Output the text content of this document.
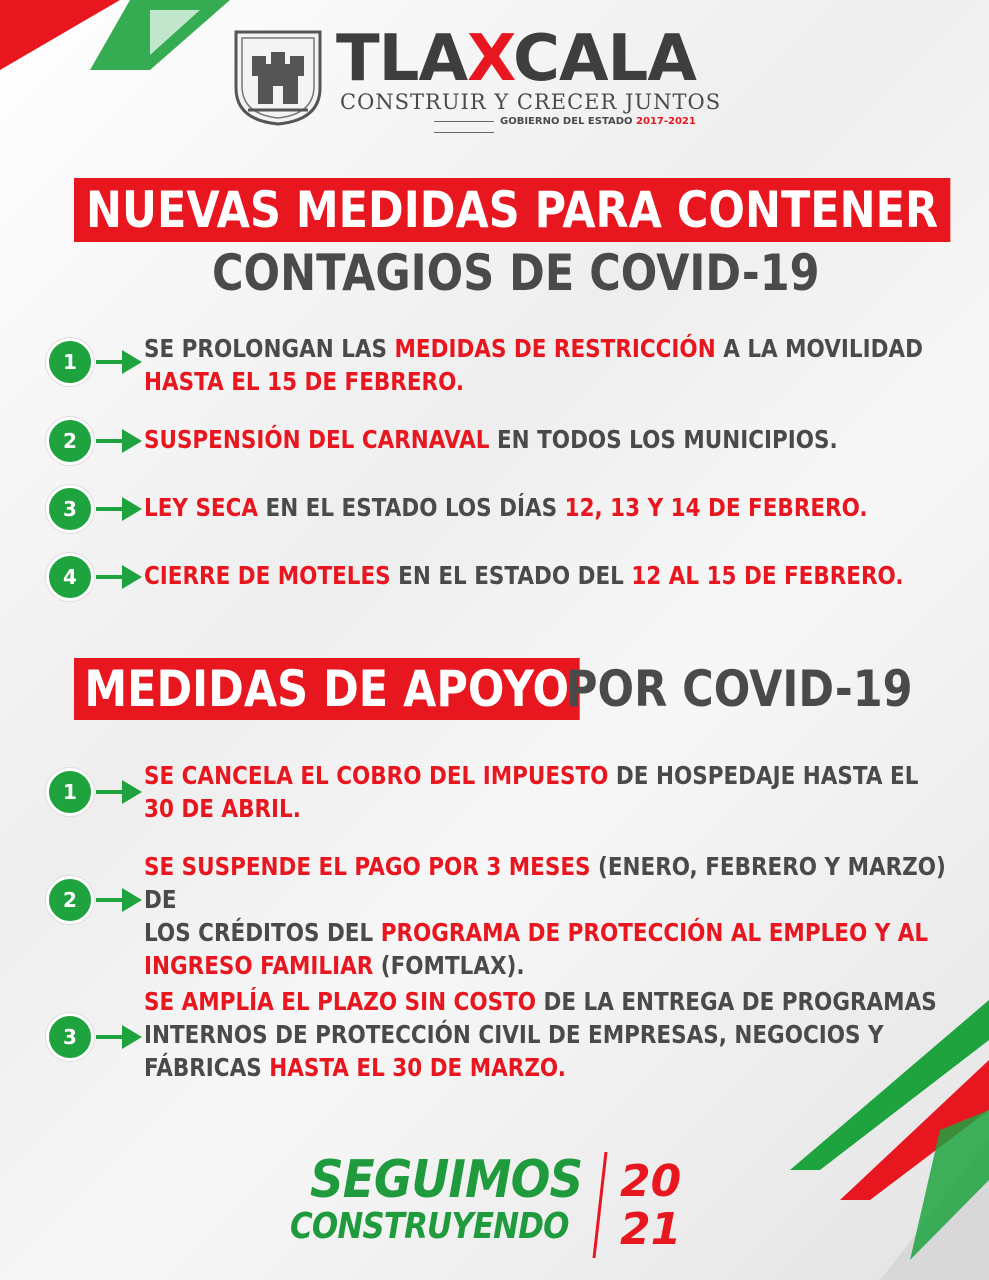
TLAXCALA
CONSTRUIR Y CRECER JUNTOS
GOBIERNO DEL ESTADO 2017-2021
NUEVAS MEDIDAS PARA CONTENER
CONTAGIOS DE COVID-19
1	SE PROLONGAN LAS MEDIDAS DE RESTRICCIÓN A LA MOVILIDAD
HASTA EL 15 DE FEBRERO.
2	SUSPENSIÓN DEL CARNAVAL EN TODOS LOS MUNICIPIOS.
3	LEY SECA EN EL ESTADO LOS DÍAS 12, 13 Y 14 DE FEBRERO.
4	CIERRE DE MOTELES EN EL ESTADO DEL 12 AL 15 DE FEBRERO.
MEDIDAS DE APOYO
POR COVID-19
1
SE CANCELA EL COBRO DEL IMPUESTO DE HOSPEDAJE HASTA EL
30 DE ABRIL.
2
SE SUSPENDE EL PAGO POR 3 MESES (ENERO, FEBRERO Y MARZO) DE
LOS CRÉDITOS DEL PROGRAMA DE PROTECCIÓN AL EMPLEO Y AL
INGRESO FAMILIAR (FOMTLAX).
3
SE AMPLÍA EL PLAZO SIN COSTO DE LA ENTREGA DE PROGRAMAS
INTERNOS DE PROTECCIÓN CIVIL DE EMPRESAS, NEGOCIOS Y
FÁBRICAS HASTA EL 30 DE MARZO.
SEGUIMOS
CONSTRUYENDO
20
21
